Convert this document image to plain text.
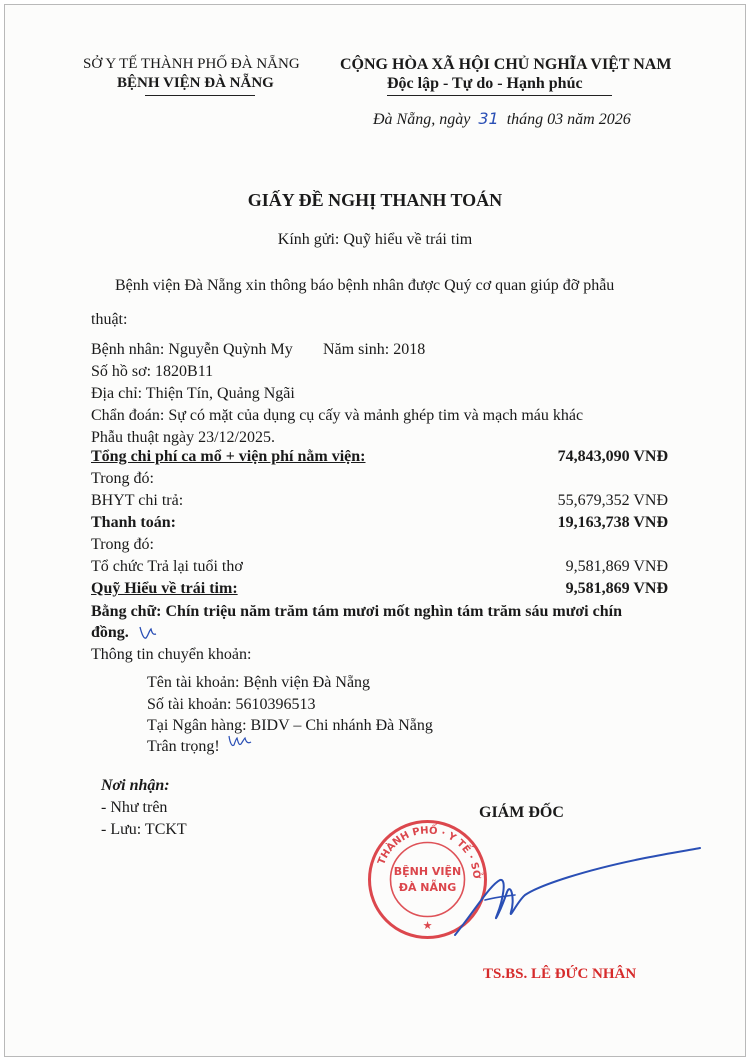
SỞ Y TẾ THÀNH PHỐ ĐÀ NẴNG
BỆNH VIỆN ĐÀ NẴNG
CỘNG HÒA XÃ HỘI CHỦ NGHĨA VIỆT NAM
Độc lập - Tự do - Hạnh phúc
Đà Nẵng, ngày 31 tháng 03 năm 2026
GIẤY ĐỀ NGHỊ THANH TOÁN
Kính gửi: Quỹ hiểu về trái tim
Bệnh viện Đà Nẵng xin thông báo bệnh nhân được Quý cơ quan giúp đỡ phẫu
thuật:
Bệnh nhân: Nguyễn Quỳnh My Năm sinh: 2018
Số hồ sơ: 1820B11
Địa chỉ: Thiện Tín, Quảng Ngãi
Chẩn đoán: Sự có mặt của dụng cụ cấy và mảnh ghép tim và mạch máu khác
Phẫu thuật ngày 23/12/2025.
Tổng chi phí ca mổ + viện phí nằm viện:	74,843,090 VNĐ
Trong đó:
BHYT chi trả:	55,679,352 VNĐ
Thanh toán:	19,163,738 VNĐ
Trong đó:
Tổ chức Trả lại tuổi thơ	9,581,869 VNĐ
Quỹ Hiểu về trái tim:	9,581,869 VNĐ
Bằng chữ: Chín triệu năm trăm tám mươi mốt nghìn tám trăm sáu mươi chín
đồng.
Thông tin chuyển khoản:
Tên tài khoản: Bệnh viện Đà Nẵng
Số tài khoản: 5610396513
Tại Ngân hàng: BIDV – Chi nhánh Đà Nẵng
Trân trọng!
Nơi nhận:
- Như trên
- Lưu: TCKT
GIÁM ĐỐC
THÀNH PHỐ · Y TẾ · SỞ
BỆNH VIỆN
ĐÀ NẴNG
★
TS.BS. LÊ ĐỨC NHÂN
